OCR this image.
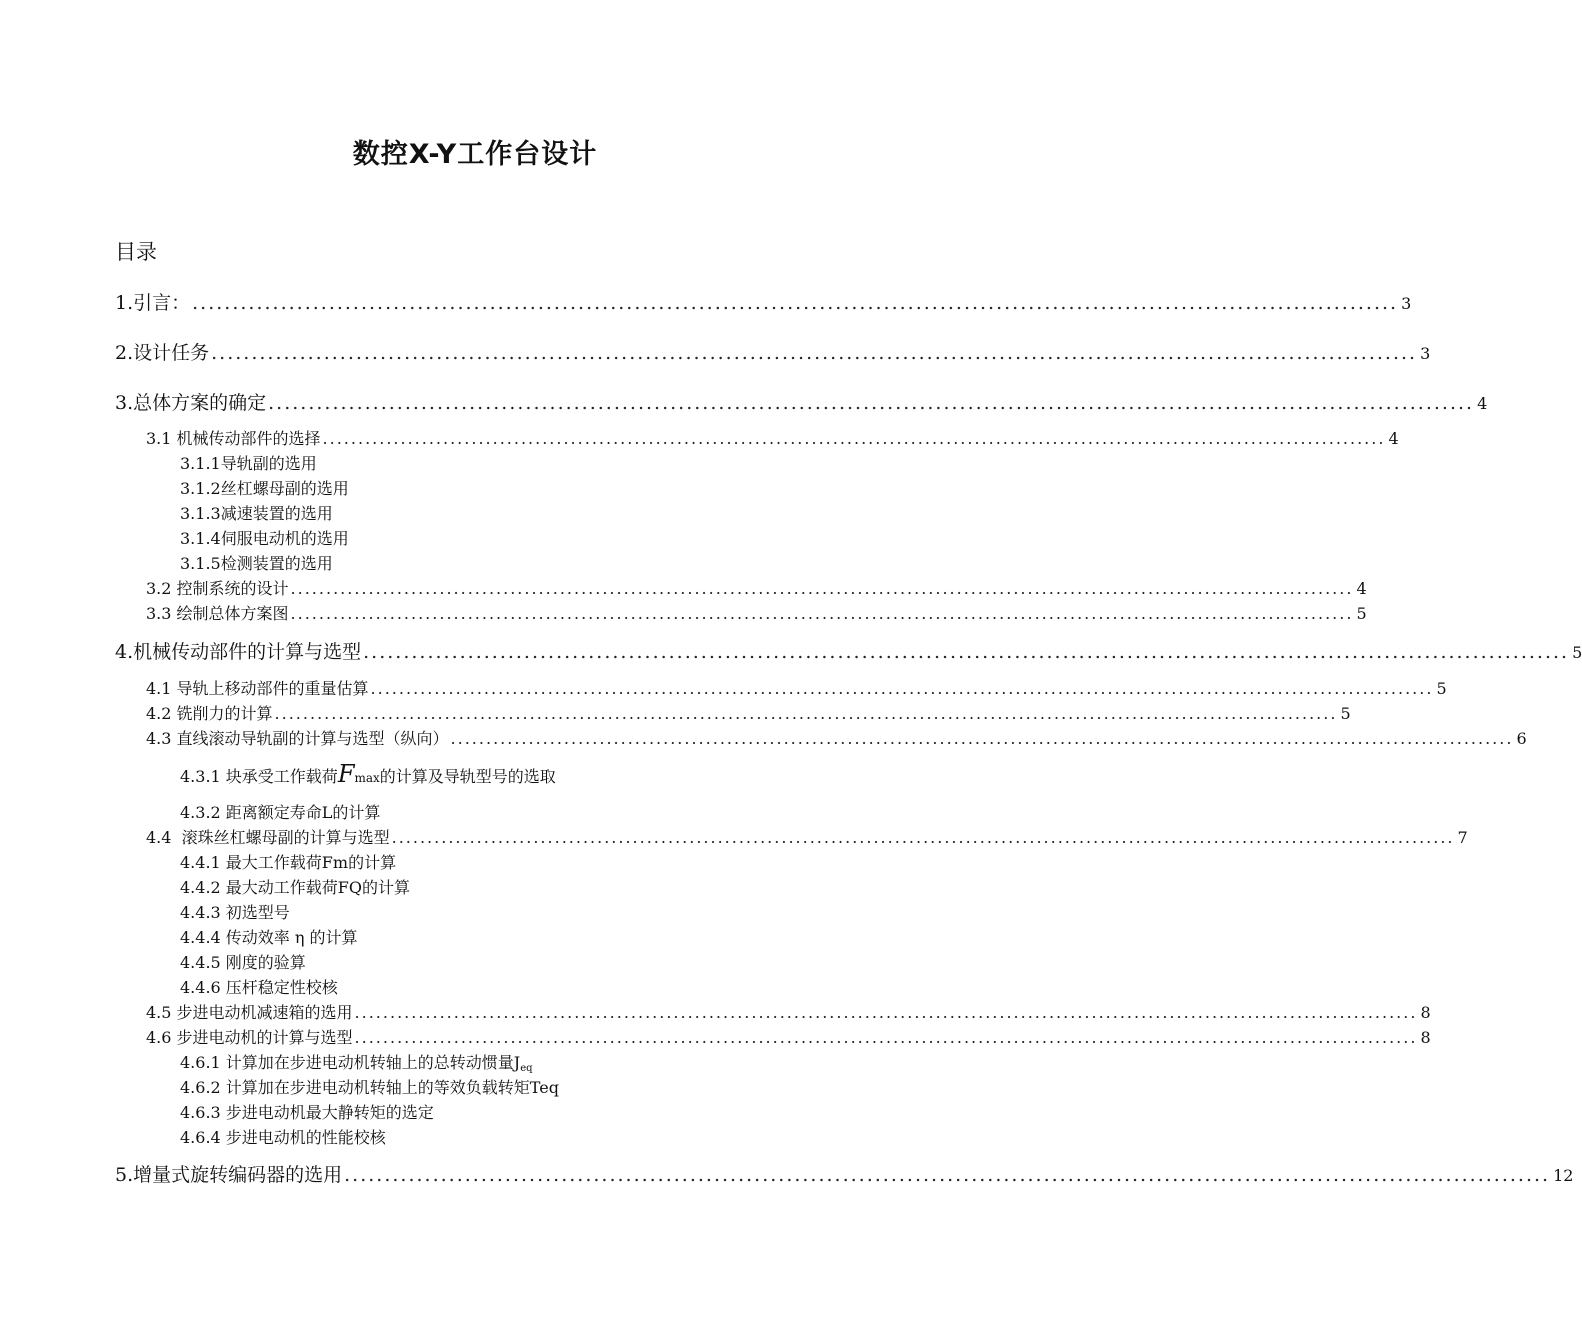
数控X-Y工作台设计
目录
1.引言： ...................................................................................................................................................... 3
2.设计任务 ...................................................................................................................................................... 3
3.总体方案的确定 ...................................................................................................................................................... 4
3.1 机械传动部件的选择 ...................................................................................................................................................... 4
3.1.1导轨副的选用
3.1.2丝杠螺母副的选用
3.1.3减速装置的选用
3.1.4伺服电动机的选用
3.1.5检测装置的选用
3.2 控制系统的设计 ...................................................................................................................................................... 4
3.3 绘制总体方案图 ...................................................................................................................................................... 5
4.机械传动部件的计算与选型 ...................................................................................................................................................... 5
4.1 导轨上移动部件的重量估算 ...................................................................................................................................................... 5
4.2 铣削力的计算 ...................................................................................................................................................... 5
4.3 直线滚动导轨副的计算与选型（纵向） ...................................................................................................................................................... 6
4.3.1 块承受工作载荷Fmax的计算及导轨型号的选取
4.3.2 距离额定寿命L的计算
4.4  滚珠丝杠螺母副的计算与选型 ...................................................................................................................................................... 7
4.4.1 最大工作载荷Fm的计算
4.4.2 最大动工作载荷FQ的计算
4.4.3 初选型号
4.4.4 传动效率 η 的计算
4.4.5 刚度的验算
4.4.6 压杆稳定性校核
4.5 步进电动机减速箱的选用 ...................................................................................................................................................... 8
4.6 步进电动机的计算与选型 ...................................................................................................................................................... 8
4.6.1 计算加在步进电动机转轴上的总转动惯量Jeq
4.6.2 计算加在步进电动机转轴上的等效负载转矩Teq
4.6.3 步进电动机最大静转矩的选定
4.6.4 步进电动机的性能校核
5.增量式旋转编码器的选用 ...................................................................................................................................................... 12
